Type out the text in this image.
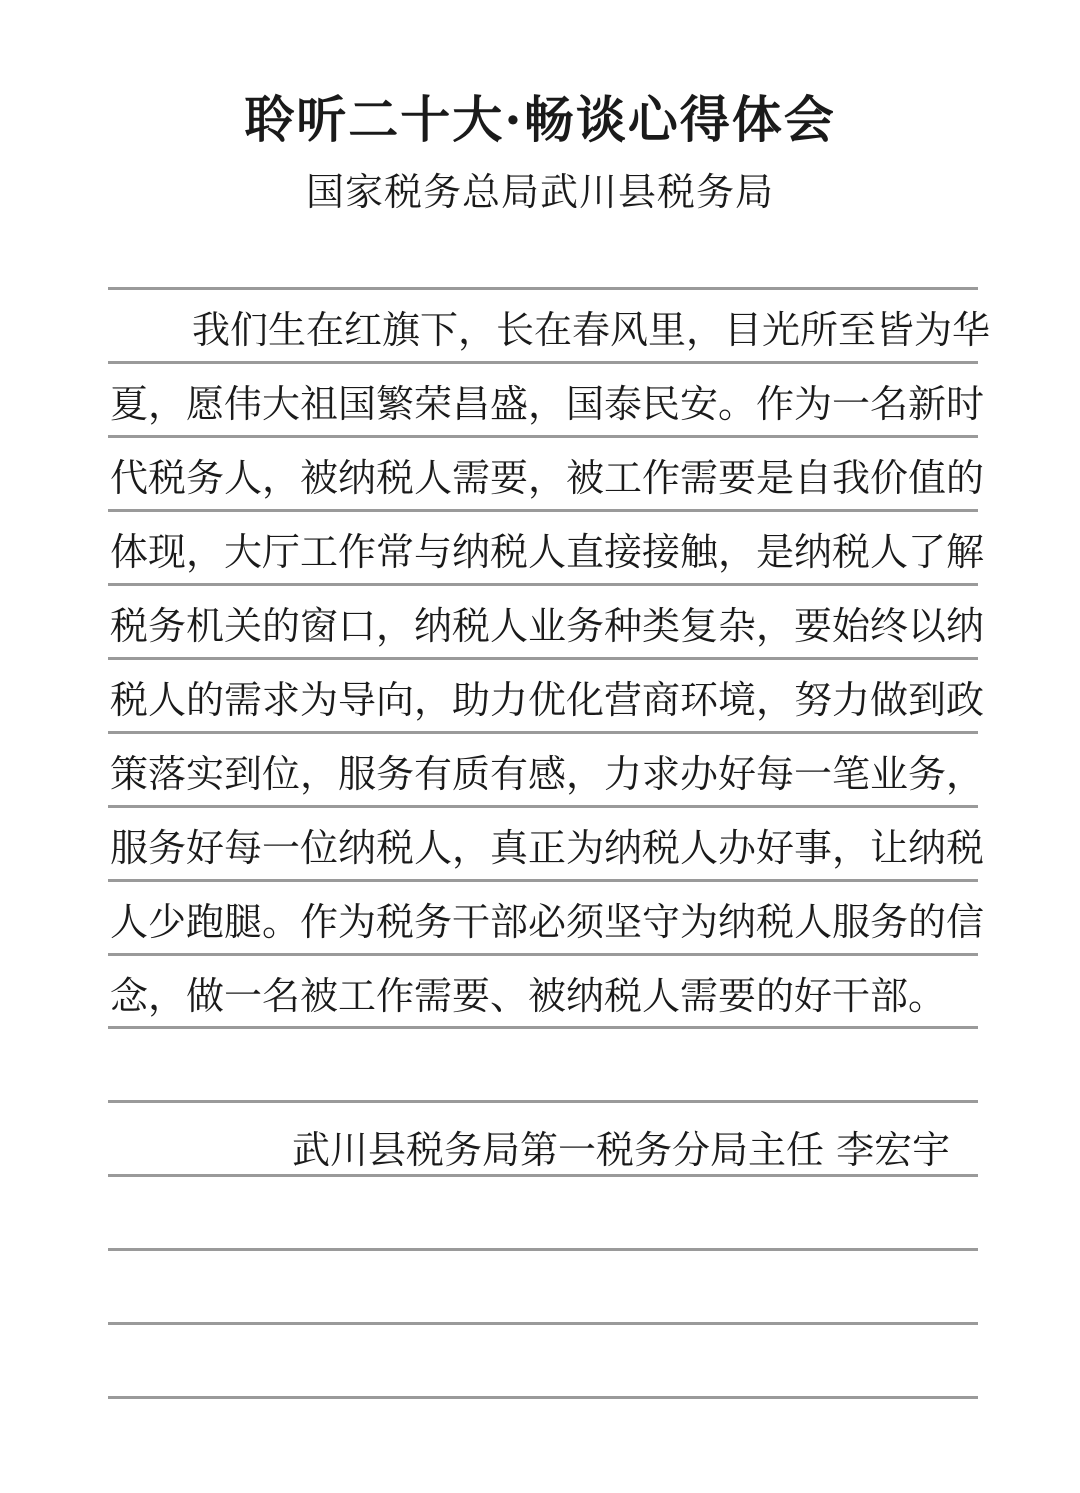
聆听二十大·畅谈心得体会
国家税务总局武川县税务局
我们生在红旗下，长在春风里，目光所至皆为华
夏，愿伟大祖国繁荣昌盛，国泰民安。作为一名新时
代税务人，被纳税人需要，被工作需要是自我价值的
体现，大厅工作常与纳税人直接接触，是纳税人了解
税务机关的窗口，纳税人业务种类复杂，要始终以纳
税人的需求为导向，助力优化营商环境，努力做到政
策落实到位，服务有质有感，力求办好每一笔业务，
服务好每一位纳税人，真正为纳税人办好事，让纳税
人少跑腿。作为税务干部必须坚守为纳税人服务的信
念，做一名被工作需要、被纳税人需要的好干部。
武川县税务局第一税务分局主任 李宏宇
